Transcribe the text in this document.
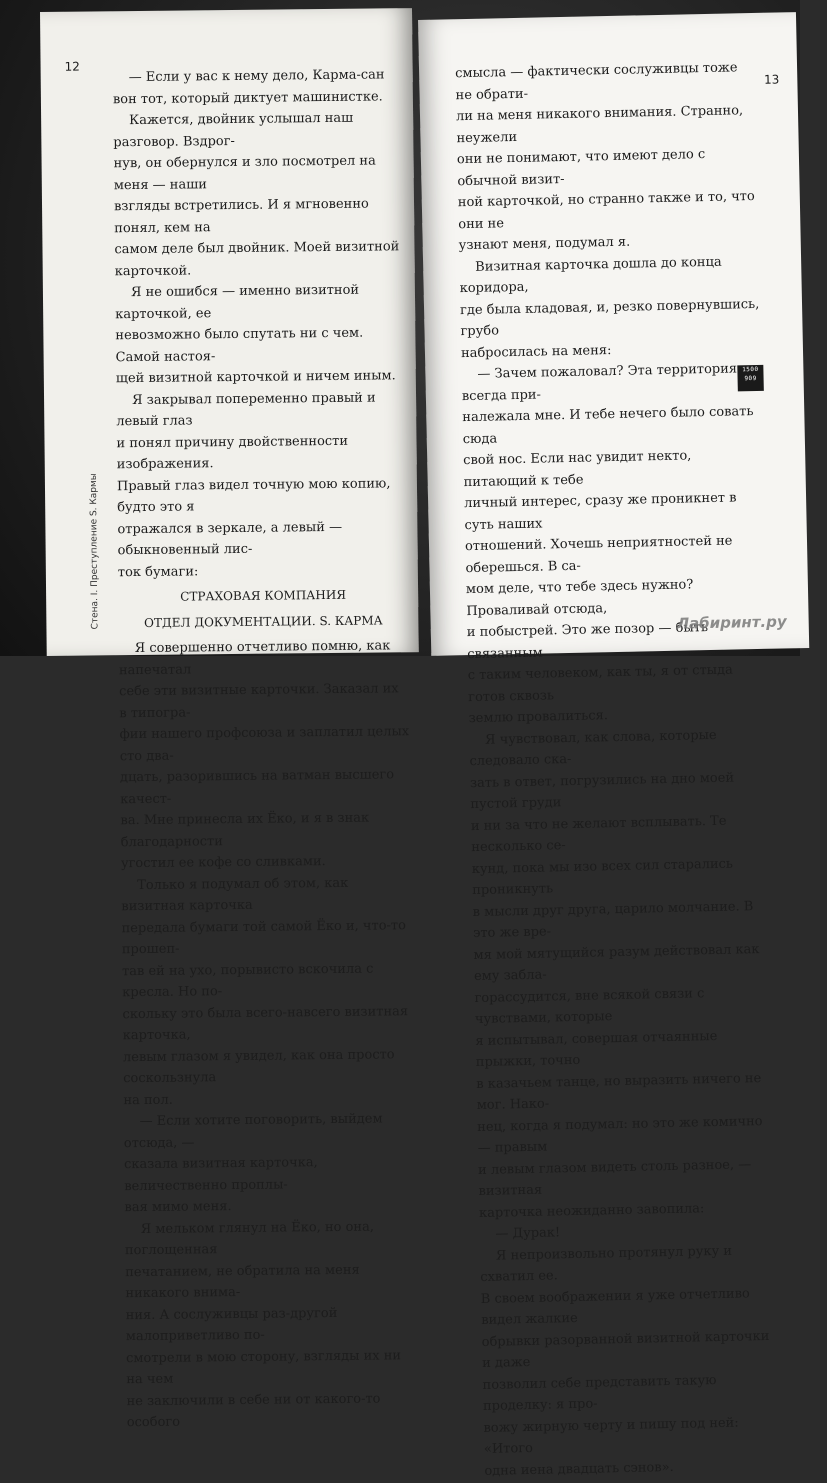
12

— Если у вас к нему дело, Карма-сан вон тот, который диктует машинистке.

Кажется, двойник услышал наш разговор. Вздрог-
нув, он обернулся и зло посмотрел на меня — наши
взгляды встретились. И я мгновенно понял, кем на
самом деле был двойник. Моей визитной карточкой.

Я не ошибся — именно визитной карточкой, ее
невозможно было спутать ни с чем. Самой настоя-
щей визитной карточкой и ничем иным.

Я закрывал попеременно правый и левый глаз
и понял причину двойственности изображения.
Правый глаз видел точную мою копию, будто это я
отражался в зеркале, а левый — обыкновенный лис-
ток бумаги:

СТРАХОВАЯ КОМПАНИЯ

ОТДЕЛ ДОКУМЕНТАЦИИ. S. КАРМА

Я совершенно отчетливо помню, как напечатал
себе эти визитные карточки. Заказал их в типогра-
фии нашего профсоюза и заплатил целых сто два-
дцать, разорившись на ватман высшего качест-
ва. Мне принесла их Ёко, и я в знак благодарности
угостил ее кофе со сливками.

Только я подумал об этом, как визитная карточка
передала бумаги той самой Ёко и, что-то прошеп-
тав ей на ухо, порывисто вскочила с кресла. Но по-
скольку это была всего-навсего визитная карточка,
левым глазом я увидел, как она просто соскользнула
на пол.

— Если хотите поговорить, выйдем отсюда, —
сказала визитная карточка, величественно проплы-
вая мимо меня.

Я мельком глянул на Ёко, но она, поглощенная
печатанием, не обратила на меня никакого внима-
ния. А сослуживцы раз-другой малоприветливо по-
смотрели в мою сторону, взгляды их ни на чем
не заключили в себе ни от какого-то особого

Стена. I. Преступление S. Кармы
13

смысла — фактически сослуживцы тоже не обрати-
ли на меня никакого внимания. Странно, неужели
они не понимают, что имеют дело с обычной визит-
ной карточкой, но странно также и то, что они не
узнают меня, подумал я.

Визитная карточка дошла до конца коридора,
где была кладовая, и, резко повернувшись, грубо
набросилась на меня:

— Зачем пожаловал? Эта территория всегда при-
належала мне. И тебе нечего было совать сюда
свой нос. Если нас увидит некто, питающий к тебе
личный интерес, сразу же проникнет в суть наших
отношений. Хочешь неприятностей не оберешься. В са-
мом деле, что тебе здесь нужно? Проваливай отсюда,
и побыстрей. Это же позор — быть связанным
с таким человеком, как ты, я от стыда готов сквозь
землю провалиться.

Я чувствовал, как слова, которые следовало ска-
зать в ответ, погрузились на дно моей пустой груди
и ни за что не желают всплывать. Те несколько се-
кунд, пока мы изо всех сил старались проникнуть
в мысли друг друга, царило молчание. В это же вре-
мя мой мятущийся разум действовал как ему забла-
горассудится, вне всякой связи с чувствами, которые
я испытывал, совершая отчаянные прыжки, точно
в казачьем танце, но выразить ничего не мог. Нако-
нец, когда я подумал: но это же комично — правым
и левым глазом видеть столь разное, — визитная
карточка неожиданно завопила:

— Дурак!

Я непроизвольно протянул руку и схватил ее.
В своем воображении я уже отчетливо видел жалкие
обрывки разорванной визитной карточки и даже
позволил себе представить такую проделку: я про-
вожу жирную черту и пишу под ней: «Итого
одна иена двадцать сэнов».

1500
909
Лабиринт.ру
